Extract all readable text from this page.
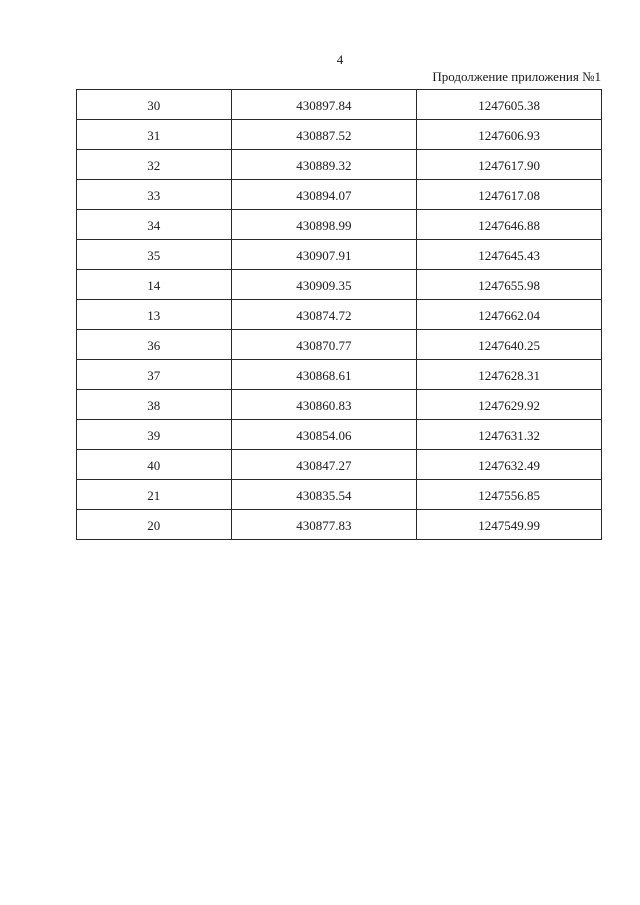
4
Продолжение приложения №1
30	430897.84	1247605.38
31	430887.52	1247606.93
32	430889.32	1247617.90
33	430894.07	1247617.08
34	430898.99	1247646.88
35	430907.91	1247645.43
14	430909.35	1247655.98
13	430874.72	1247662.04
36	430870.77	1247640.25
37	430868.61	1247628.31
38	430860.83	1247629.92
39	430854.06	1247631.32
40	430847.27	1247632.49
21	430835.54	1247556.85
20	430877.83	1247549.99
